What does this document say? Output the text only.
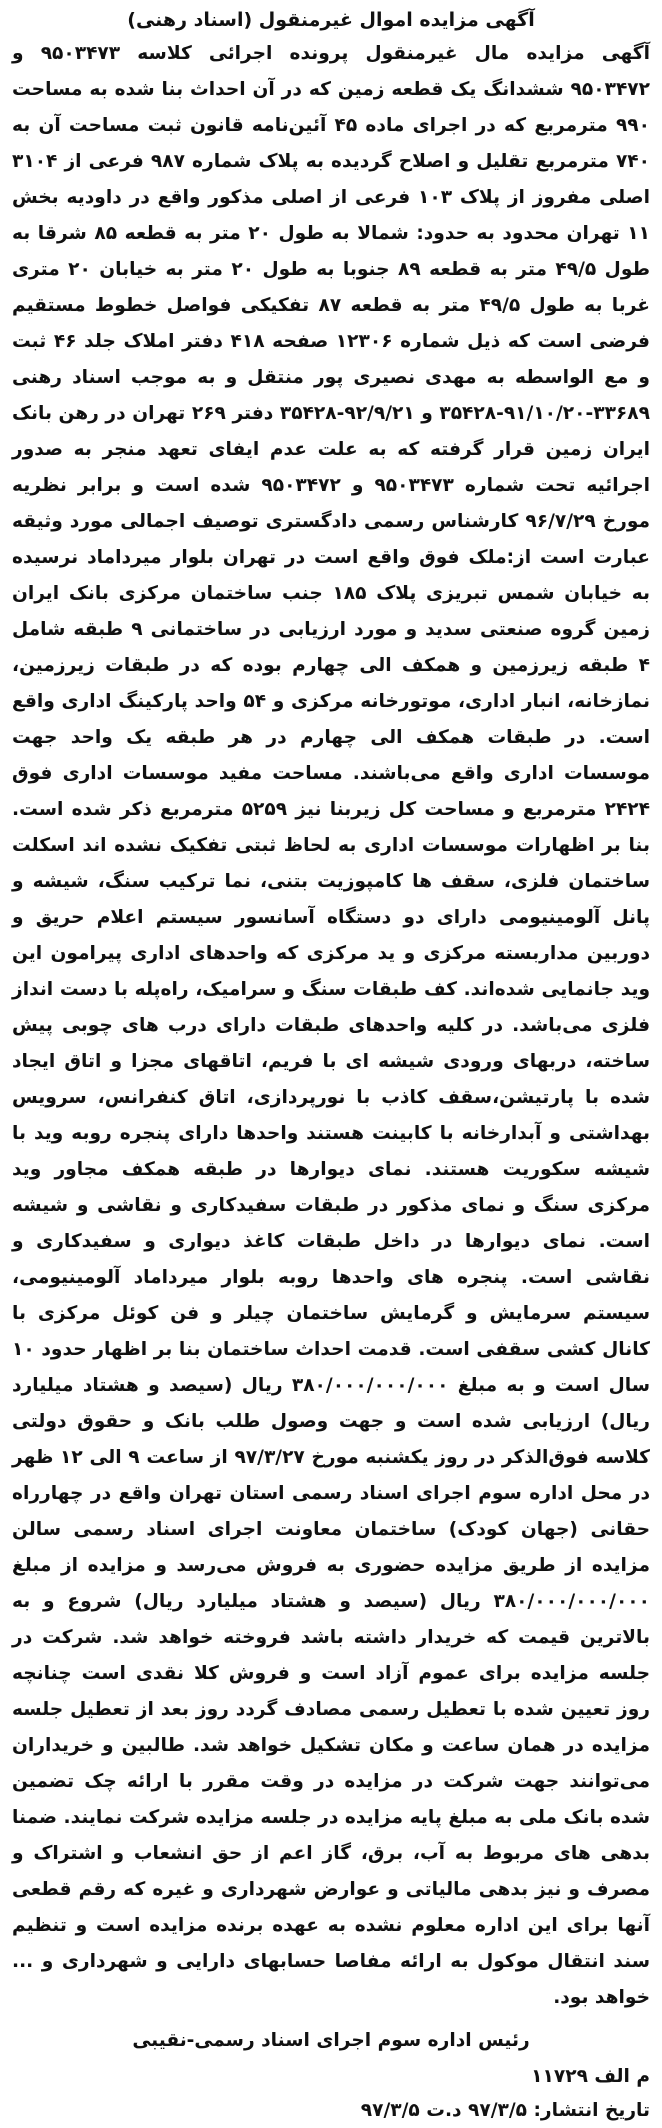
آگهی مزایده اموال غیرمنقول (اسناد رهنی)

آگهی مزایده مال غیرمنقول پرونده اجرائی کلاسه ۹۵۰۳۴۷۳ و ۹۵۰۳۴۷۲ ششدانگ یک قطعه زمین که در آن احداث بنا شده به مساحت ۹۹۰ مترمربع که در اجرای ماده ۴۵ آئین‌نامه قانون ثبت مساحت آن به ۷۴۰ مترمربع تقلیل و اصلاح گردیده به پلاک شماره ۹۸۷ فرعی از ۳۱۰۴ اصلی مفروز از پلاک ۱۰۳ فرعی از اصلی مذکور واقع در داودیه بخش ۱۱ تهران محدود به حدود: شمالا به طول ۲۰ متر به قطعه ۸۵ شرقا به طول ۴۹/۵ متر به قطعه ۸۹ جنوبا به طول ۲۰ متر به خیابان ۲۰ متری غربا به طول ۴۹/۵ متر به قطعه ۸۷ تفکیکی فواصل خطوط مستقیم فرضی است که ذیل شماره ۱۲۳۰۶ صفحه ۴۱۸ دفتر املاک جلد ۴۶ ثبت و مع الواسطه به مهدی نصیری پور منتقل و به موجب اسناد رهنی ۳۳۶۸۹-۹۱/۱۰/۲۰-۳۵۴۲۸ و ۹۲/۹/۲۱-۳۵۴۲۸ دفتر ۲۶۹ تهران در رهن بانک ایران زمین قرار گرفته که به علت عدم ایفای تعهد منجر به صدور اجرائیه تحت شماره ۹۵۰۳۴۷۳ و ۹۵۰۳۴۷۲ شده است و برابر نظریه مورخ ۹۶/۷/۲۹ کارشناس رسمی دادگستری توصیف اجمالی مورد وثیقه عبارت است از:ملک فوق واقع است در تهران بلوار میرداماد نرسیده به خیابان شمس تبریزی پلاک ۱۸۵ جنب ساختمان مرکزی بانک ایران زمین گروه صنعتی سدید و مورد ارزیابی در ساختمانی ۹ طبقه شامل ۴ طبقه زیرزمین و همکف الی چهارم بوده که در طبقات زیرزمین، نمازخانه، انبار اداری، موتورخانه مرکزی و ۵۴ واحد پارکینگ اداری واقع است. در طبقات همکف الی چهارم در هر طبقه یک واحد جهت موسسات اداری واقع می‌باشند. مساحت مفید موسسات اداری فوق ۲۴۲۴ مترمربع و مساحت کل زیربنا نیز ۵۲۵۹ مترمربع ذکر شده است. بنا بر اظهارات موسسات اداری به لحاظ ثبتی تفکیک نشده اند اسکلت ساختمان فلزی، سقف ها کامپوزیت بتنی، نما ترکیب سنگ، شیشه و پانل آلومینیومی دارای دو دستگاه آسانسور سیستم اعلام حریق و دوربین مداربسته مرکزی و ید مرکزی که واحدهای اداری پیرامون این وید جانمایی شده‌اند. کف طبقات سنگ و سرامیک، راه‌پله با دست انداز فلزی می‌باشد. در کلیه واحدهای طبقات دارای درب های چوبی پیش ساخته، دربهای ورودی شیشه ای با فریم، اتاقهای مجزا و اتاق ایجاد شده با پارتیشن،سقف کاذب با نورپردازی، اتاق کنفرانس، سرویس بهداشتی و آبدارخانه با کابینت هستند واحدها دارای پنجره روبه وید با شیشه سکوریت هستند. نمای دیوارها در طبقه همکف مجاور وید مرکزی سنگ و نمای مذکور در طبقات سفیدکاری و نقاشی و شیشه است. نمای دیوارها در داخل طبقات کاغذ دیواری و سفیدکاری و نقاشی است. پنجره های واحدها روبه بلوار میرداماد آلومینیومی، سیستم سرمایش و گرمایش ساختمان چیلر و فن کوئل مرکزی با کانال کشی سقفی است. قدمت احداث ساختمان بنا بر اظهار حدود ۱۰ سال است و به مبلغ ۳۸۰/۰۰۰/۰۰۰/۰۰۰ ریال (سیصد و هشتاد میلیارد ریال) ارزیابی شده است و جهت وصول طلب بانک و حقوق دولتی کلاسه فوق‌الذکر در روز یکشنبه مورخ ۹۷/۳/۲۷ از ساعت ۹ الی ۱۲ ظهر در محل اداره سوم اجرای اسناد رسمی استان تهران واقع در چهارراه حقانی (جهان کودک) ساختمان معاونت اجرای اسناد رسمی سالن مزایده از طریق مزایده حضوری به فروش می‌رسد و مزایده از مبلغ ۳۸۰/۰۰۰/۰۰۰/۰۰۰ ریال (سیصد و هشتاد میلیارد ریال) شروع و به بالاترین قیمت که خریدار داشته باشد فروخته خواهد شد. شرکت در جلسه مزایده برای عموم آزاد است و فروش کلا نقدی است چنانچه روز تعیین شده با تعطیل رسمی مصادف گردد روز بعد از تعطیل جلسه مزایده در همان ساعت و مکان تشکیل خواهد شد. طالبین و خریداران می‌توانند جهت شرکت در مزایده در وقت مقرر با ارائه چک تضمین شده بانک ملی به مبلغ پایه مزایده در جلسه مزایده شرکت نمایند. ضمنا بدهی های مربوط به آب، برق، گاز اعم از حق انشعاب و اشتراک و مصرف و نیز بدهی مالیاتی و عوارض شهرداری و غیره که رقم قطعی آنها برای این اداره معلوم نشده به عهده برنده مزایده است و تنظیم سند انتقال موکول به ارائه مفاصا حسابهای دارایی و شهرداری و ... خواهد بود.

رئیس اداره سوم اجرای اسناد رسمی-نقیبی

م الف ۱۱۷۲۹
تاریخ انتشار: ۹۷/۳/۵ د.ت ۹۷/۳/۵
